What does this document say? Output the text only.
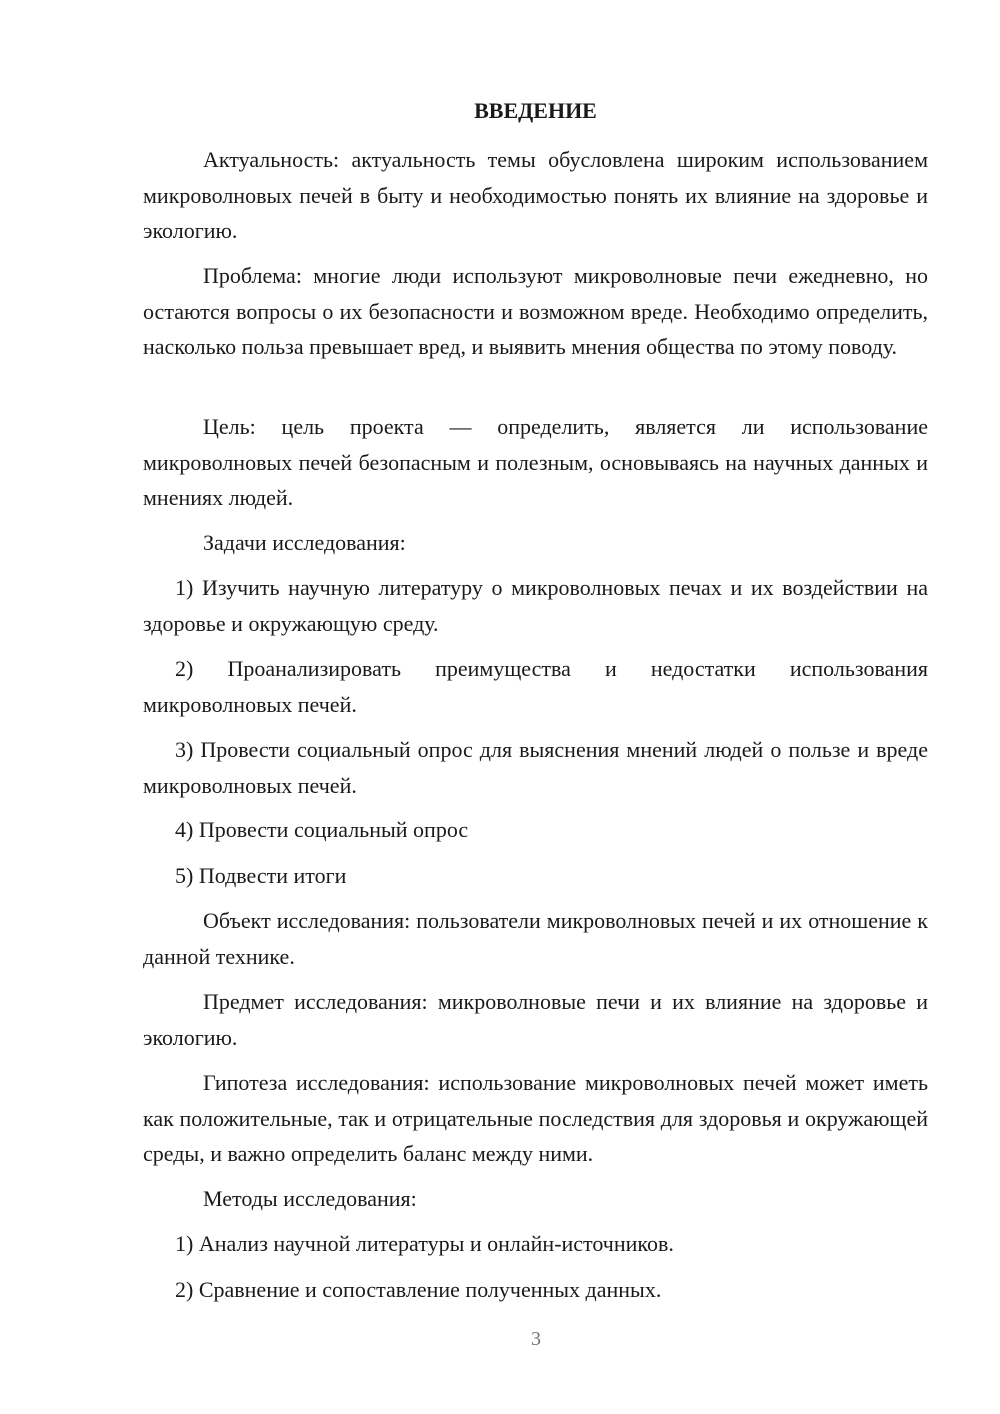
ВВЕДЕНИЕ

Актуальность: актуальность темы обусловлена широким использованием микроволновых печей в быту и необходимостью понять их влияние на здоровье и экологию.

Проблема: многие люди используют микроволновые печи ежедневно, но остаются вопросы о их безопасности и возможном вреде. Необходимо определить, насколько польза превышает вред, и выявить мнения общества по этому поводу.

Цель: цель проекта — определить, является ли использование микроволновых печей безопасным и полезным, основываясь на научных данных и мнениях людей.

Задачи исследования:

1) Изучить научную литературу о микроволновых печах и их воздействии на здоровье и окружающую среду.

2) Проанализировать преимущества и недостатки использования микроволновых печей.

3) Провести социальный опрос для выяснения мнений людей о пользе и вреде микроволновых печей.

4) Провести социальный опрос

5) Подвести итоги

Объект исследования: пользователи микроволновых печей и их отношение к данной технике.

Предмет исследования: микроволновые печи и их влияние на здоровье и экологию.

Гипотеза исследования: использование микроволновых печей может иметь как положительные, так и отрицательные последствия для здоровья и окружающей среды, и важно определить баланс между ними.

Методы исследования:

1) Анализ научной литературы и онлайн-источников.

2) Сравнение и сопоставление полученных данных.

3
